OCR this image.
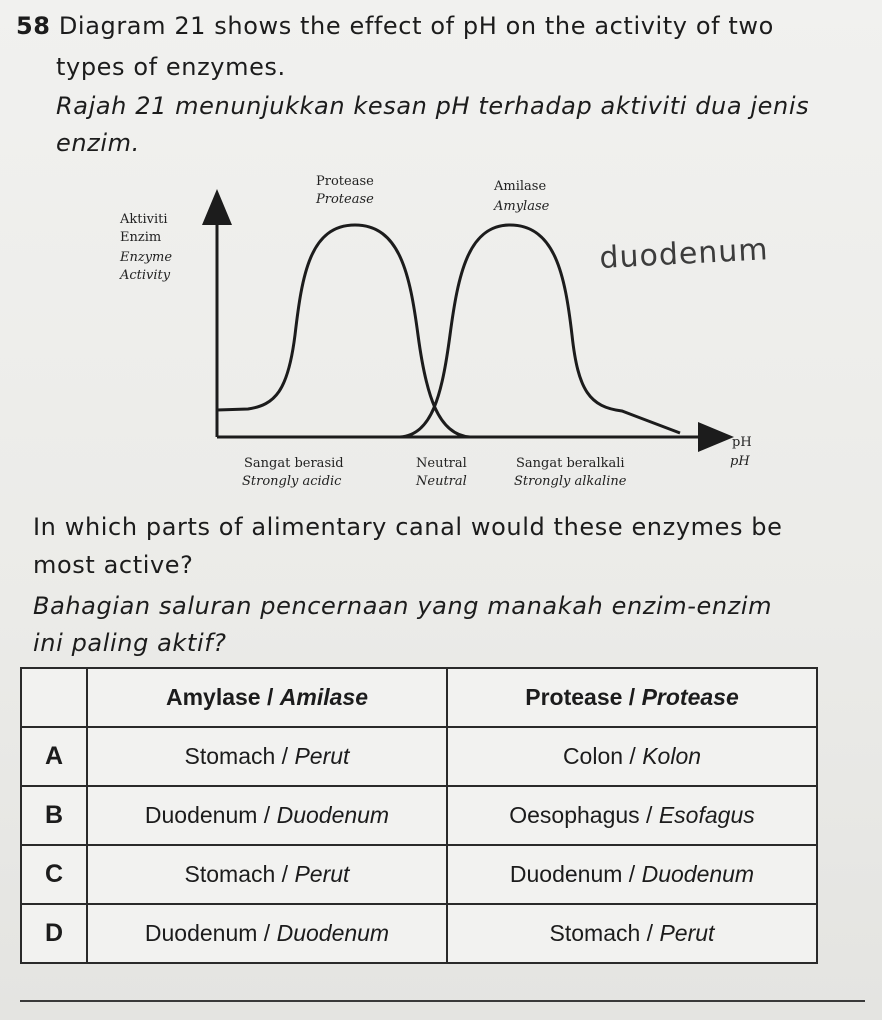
58 Diagram 21 shows the effect of pH on the activity of two
types of enzymes.
Rajah 21 menunjukkan kesan pH terhadap aktiviti dua jenis
enzim.
Aktiviti
Enzim
Enzyme
Activity
Protease
Protease
Amilase
Amylase
duodenum
pH
pH
Sangat berasid
Strongly acidic
Neutral
Neutral
Sangat beralkali
Strongly alkaline
In which parts of alimentary canal would these enzymes be
most active?
Bahagian saluran pencernaan yang manakah enzim-enzim
ini paling aktif?
	Amylase / Amilase	Protease / Protease
A	Stomach / Perut	Colon / Kolon
B	Duodenum / Duodenum	Oesophagus / Esofagus
C	Stomach / Perut	Duodenum / Duodenum
D	Duodenum / Duodenum	Stomach / Perut
